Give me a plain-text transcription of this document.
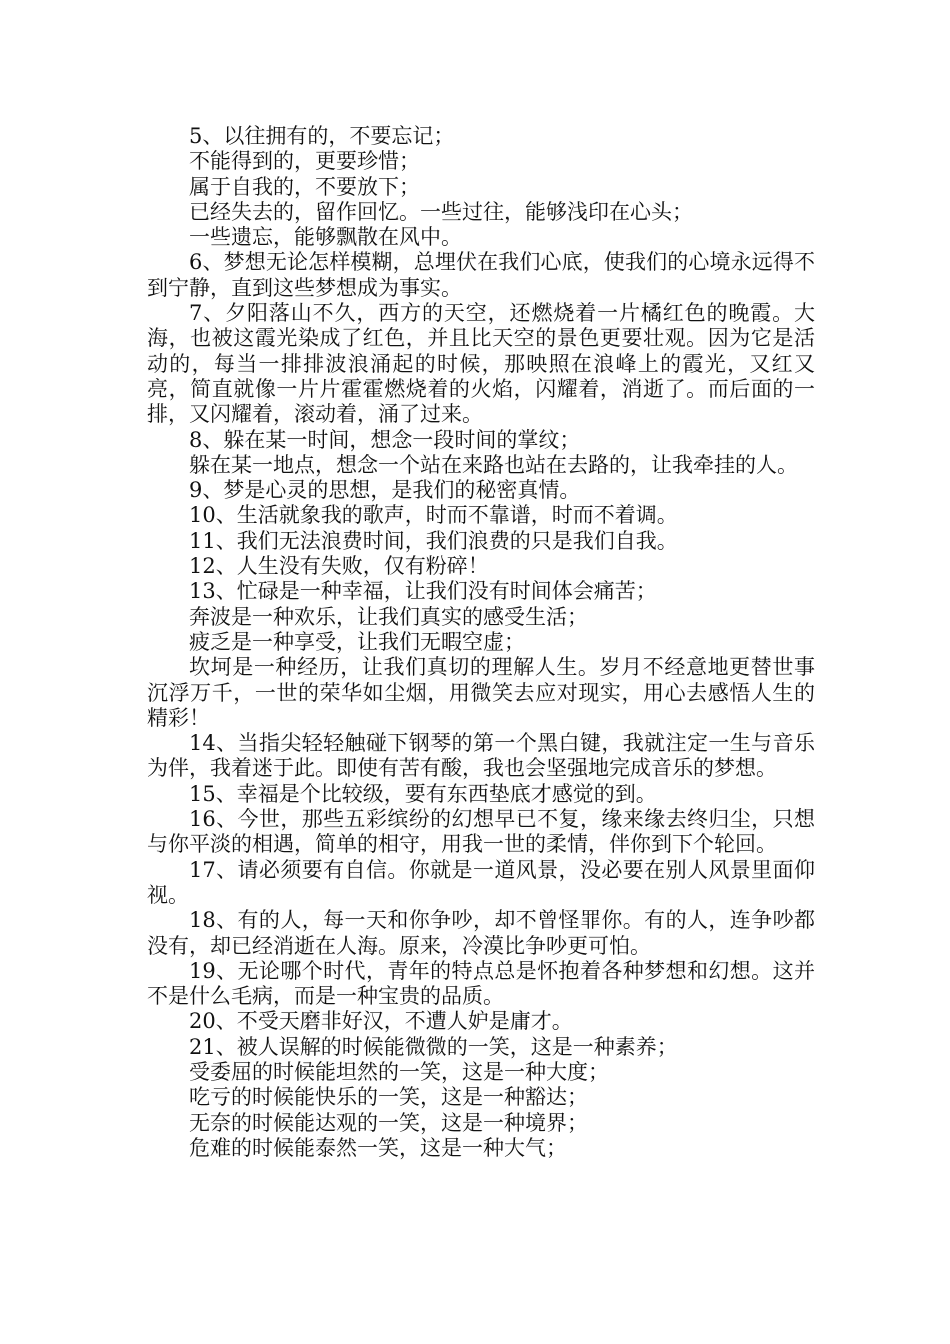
5、以往拥有的，不要忘记；

不能得到的，更要珍惜；

属于自我的，不要放下；

已经失去的，留作回忆。一些过往，能够浅印在心头；

一些遗忘，能够飘散在风中。

6、梦想无论怎样模糊，总埋伏在我们心底，使我们的心境永远得不到宁静，直到这些梦想成为事实。

7、夕阳落山不久，西方的天空，还燃烧着一片橘红色的晚霞。大海，也被这霞光染成了红色，并且比天空的景色更要壮观。因为它是活动的，每当一排排波浪涌起的时候，那映照在浪峰上的霞光，又红又亮，简直就像一片片霍霍燃烧着的火焰，闪耀着，消逝了。而后面的一排，又闪耀着，滚动着，涌了过来。

8、躲在某一时间，想念一段时间的掌纹；

躲在某一地点，想念一个站在来路也站在去路的，让我牵挂的人。

9、梦是心灵的思想，是我们的秘密真情。

10、生活就象我的歌声，时而不靠谱，时而不着调。

11、我们无法浪费时间，我们浪费的只是我们自我。

12、人生没有失败，仅有粉碎！

13、忙碌是一种幸福，让我们没有时间体会痛苦；

奔波是一种欢乐，让我们真实的感受生活；

疲乏是一种享受，让我们无暇空虚；

坎坷是一种经历，让我们真切的理解人生。岁月不经意地更替世事沉浮万千，一世的荣华如尘烟，用微笑去应对现实，用心去感悟人生的精彩！

14、当指尖轻轻触碰下钢琴的第一个黑白键，我就注定一生与音乐为伴，我着迷于此。即使有苦有酸，我也会坚强地完成音乐的梦想。

15、幸福是个比较级，要有东西垫底才感觉的到。

16、今世，那些五彩缤纷的幻想早已不复，缘来缘去终归尘，只想与你平淡的相遇，简单的相守，用我一世的柔情，伴你到下个轮回。

17、请必须要有自信。你就是一道风景，没必要在别人风景里面仰视。

18、有的人，每一天和你争吵，却不曾怪罪你。有的人，连争吵都没有，却已经消逝在人海。原来，冷漠比争吵更可怕。

19、无论哪个时代，青年的特点总是怀抱着各种梦想和幻想。这并不是什么毛病，而是一种宝贵的品质。

20、不受天磨非好汉，不遭人妒是庸才。

21、被人误解的时候能微微的一笑，这是一种素养；

受委屈的时候能坦然的一笑，这是一种大度；

吃亏的时候能快乐的一笑，这是一种豁达；

无奈的时候能达观的一笑，这是一种境界；

危难的时候能泰然一笑，这是一种大气；
